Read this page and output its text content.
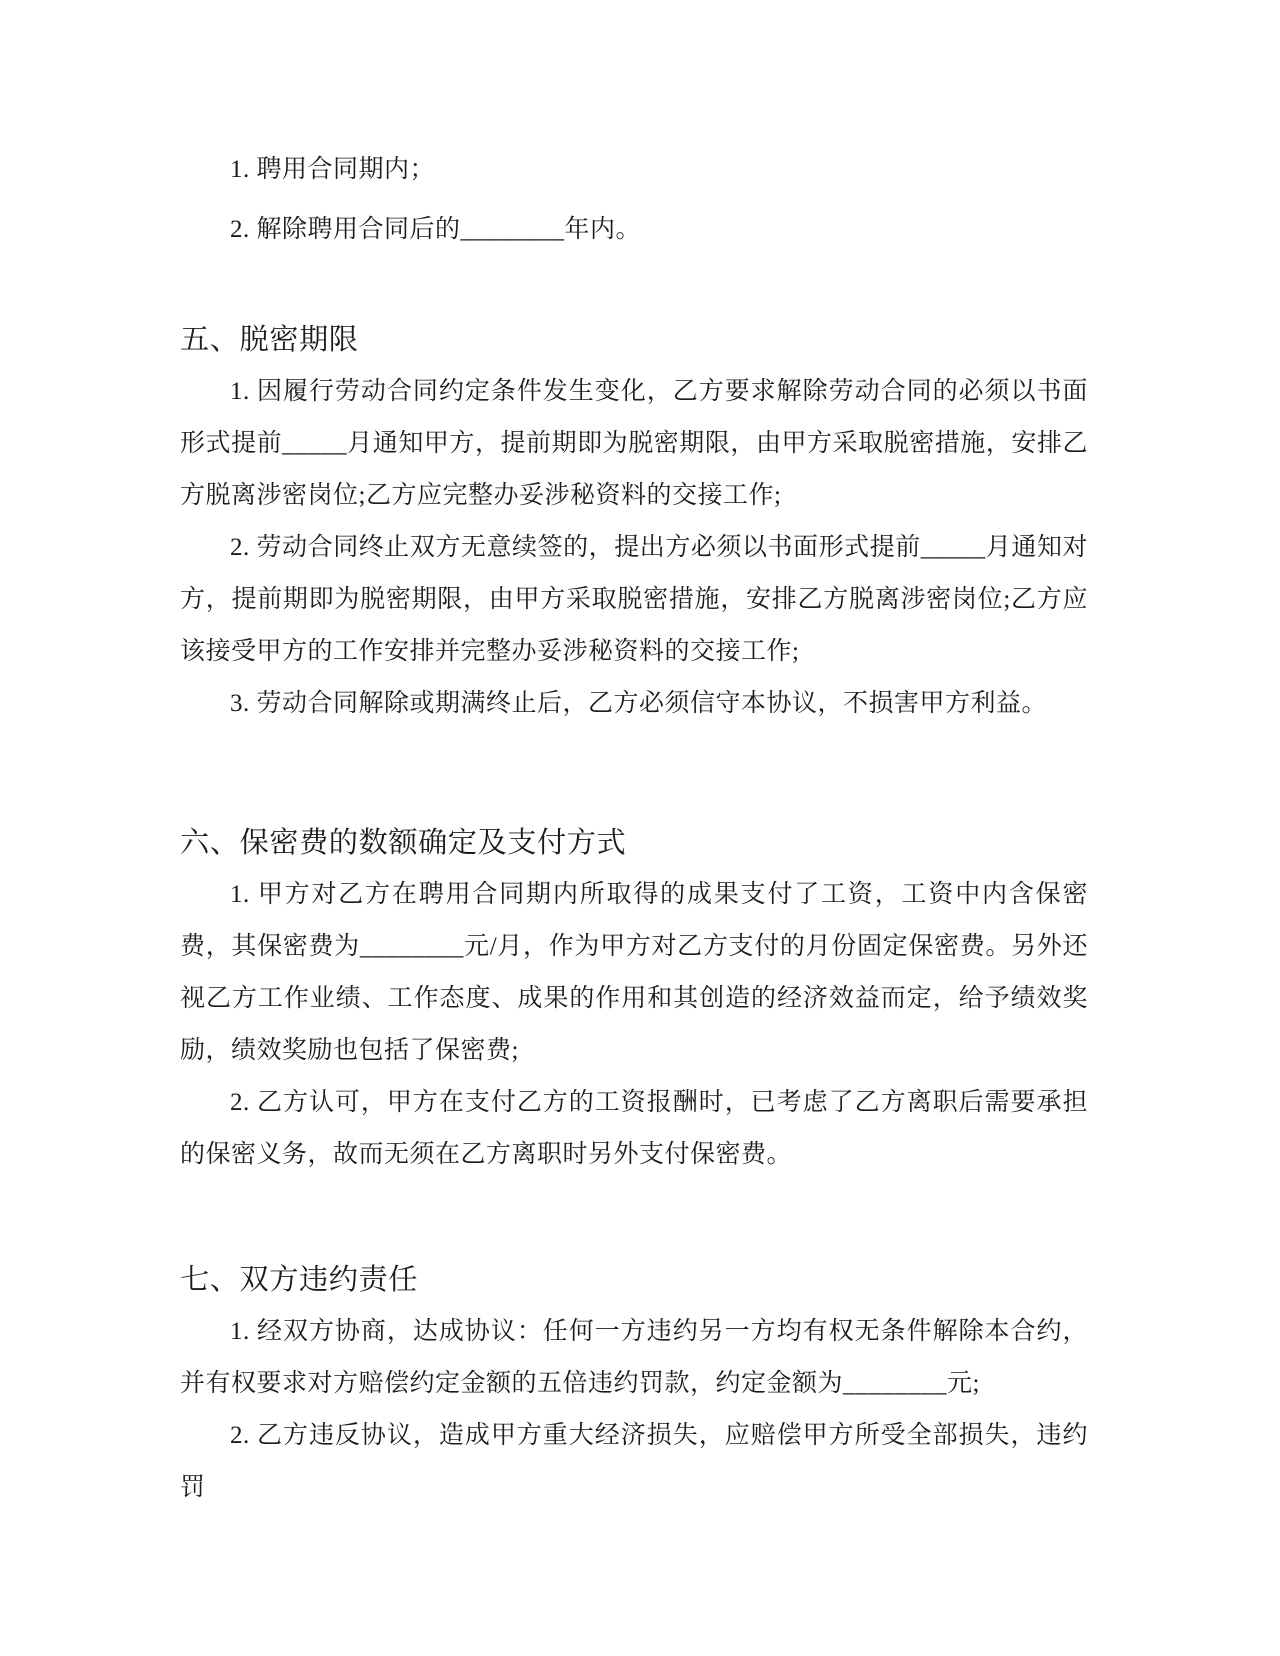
1. 聘用合同期内；

2. 解除聘用合同后的________年内。

五、脱密期限

1. 因履行劳动合同约定条件发生变化，乙方要求解除劳动合同的必须以书面形式提前_____月通知甲方，提前期即为脱密期限，由甲方采取脱密措施，安排乙方脱离涉密岗位;乙方应完整办妥涉秘资料的交接工作;

2. 劳动合同终止双方无意续签的，提出方必须以书面形式提前_____月通知对方，提前期即为脱密期限，由甲方采取脱密措施，安排乙方脱离涉密岗位;乙方应该接受甲方的工作安排并完整办妥涉秘资料的交接工作;

3. 劳动合同解除或期满终止后，乙方必须信守本协议，不损害甲方利益。

六、保密费的数额确定及支付方式

1. 甲方对乙方在聘用合同期内所取得的成果支付了工资，工资中内含保密费，其保密费为________元/月，作为甲方对乙方支付的月份固定保密费。另外还视乙方工作业绩、工作态度、成果的作用和其创造的经济效益而定，给予绩效奖励，绩效奖励也包括了保密费;

2. 乙方认可，甲方在支付乙方的工资报酬时，已考虑了乙方离职后需要承担的保密义务，故而无须在乙方离职时另外支付保密费。

七、双方违约责任

1. 经双方协商，达成协议：任何一方违约另一方均有权无条件解除本合约，并有权要求对方赔偿约定金额的五倍违约罚款，约定金额为________元;

2. 乙方违反协议，造成甲方重大经济损失，应赔偿甲方所受全部损失，违约罚
